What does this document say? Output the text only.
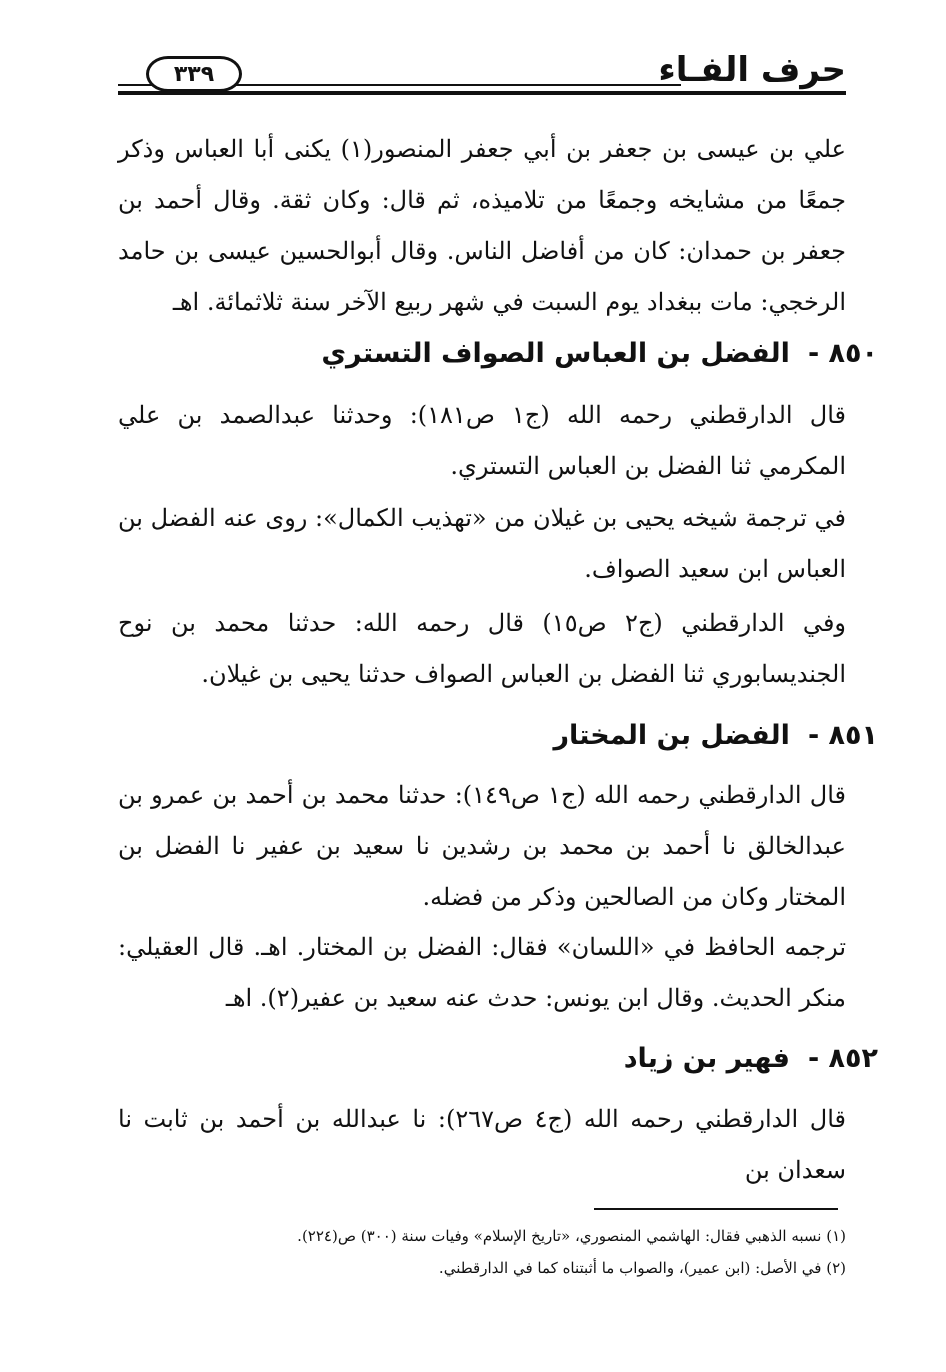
٣٣٩	حرف الفـاء

علي بن عيسى بن جعفر بن أبي جعفر المنصور(١) يكنى أبا العباس وذكر جمعًا من مشايخه وجمعًا من تلاميذه، ثم قال: وكان ثقة. وقال أحمد بن جعفر بن حمدان: كان من أفاضل الناس. وقال أبوالحسين عيسى بن حامد الرخجي: مات ببغداد يوم السبت في شهر ربيع الآخر سنة ثلاثمائة. اهـ

٨٥٠ -الفضل بن العباس الصواف التستري

قال الدارقطني رحمه الله (ج١ ص١٨١): وحدثنا عبدالصمد بن علي المكرمي ثنا الفضل بن العباس التستري.

في ترجمة شيخه يحيى بن غيلان من «تهذيب الكمال»: روى عنه الفضل بن العباس ابن سعيد الصواف.

وفي الدارقطني (ج٢ ص١٥) قال رحمه الله: حدثنا محمد بن نوح الجنديسابوري ثنا الفضل بن العباس الصواف حدثنا يحيى بن غيلان.

٨٥١ -الفضل بن المختار

قال الدارقطني رحمه الله (ج١ ص١٤٩): حدثنا محمد بن أحمد بن عمرو بن عبدالخالق نا أحمد بن محمد بن رشدين نا سعيد بن عفير نا الفضل بن المختار وكان من الصالحين وذكر من فضله.

ترجمه الحافظ في «اللسان» فقال: الفضل بن المختار. اهـ. قال العقيلي: منكر الحديث. وقال ابن يونس: حدث عنه سعيد بن عفير(٢). اهـ

٨٥٢ -فهير بن زياد

قال الدارقطني رحمه الله (ج٤ ص٢٦٧): نا عبدالله بن أحمد بن ثابت نا سعدان بن

(١) نسبه الذهبي فقال: الهاشمي المنصوري، «تاريخ الإسلام» وفيات سنة (٣٠٠) ص(٢٢٤).
(٢) في الأصل: (ابن عمير)، والصواب ما أثبتناه كما في الدارقطني.
